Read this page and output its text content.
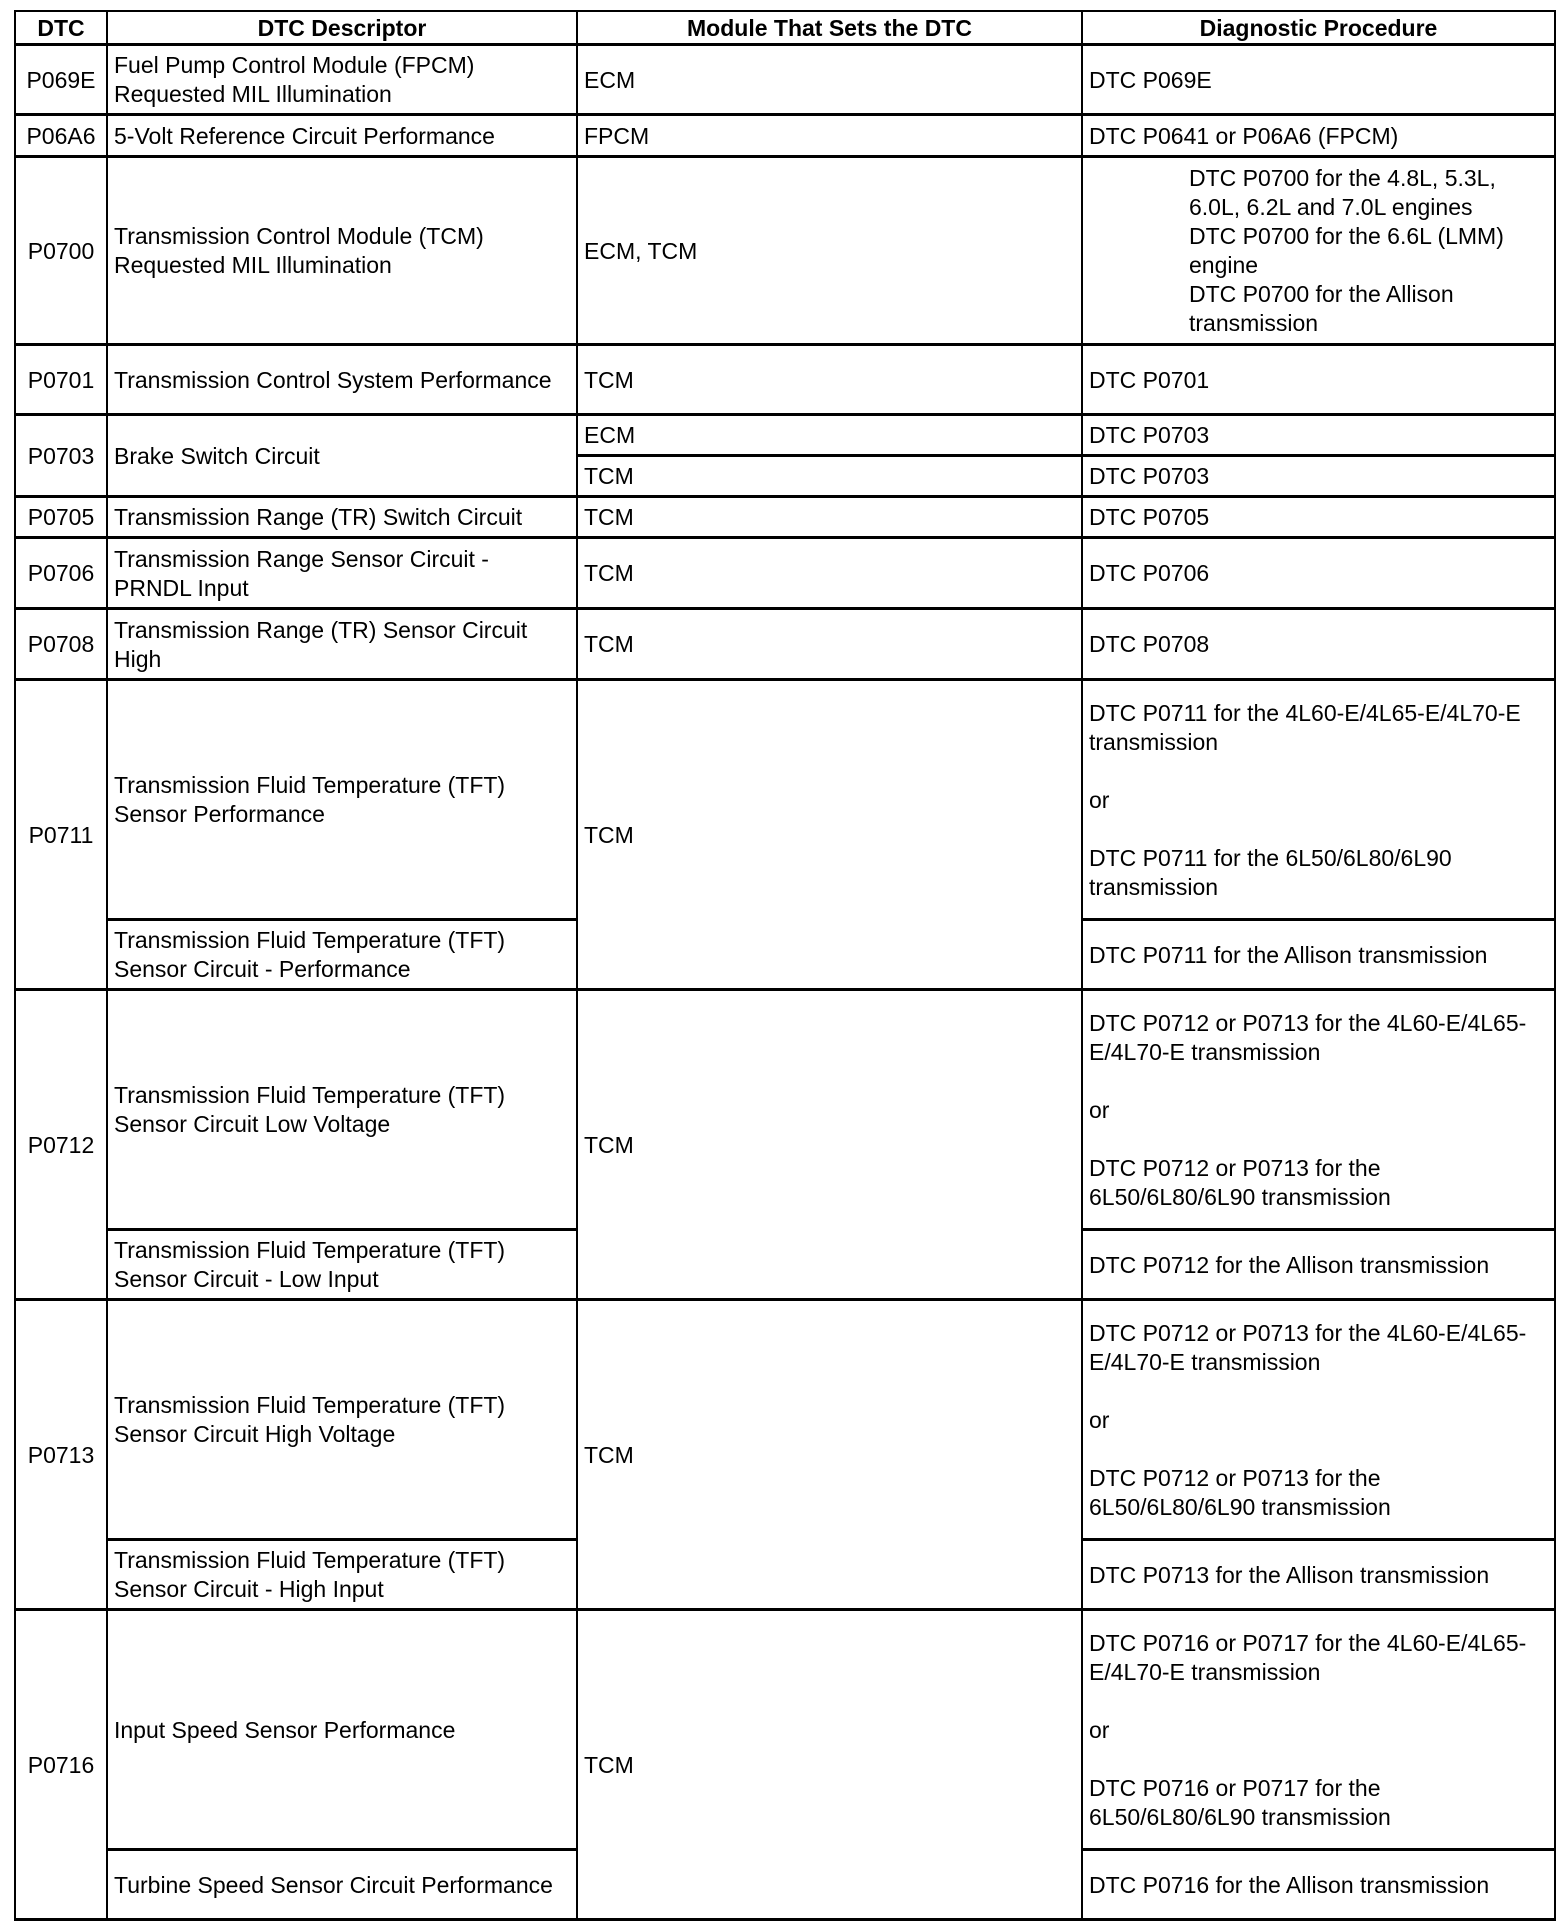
DTC	DTC Descriptor	Module That Sets the DTC	Diagnostic Procedure
P069E	Fuel Pump Control Module (FPCM) Requested MIL Illumination	ECM	DTC P069E
P06A6	5-Volt Reference Circuit Performance	FPCM	DTC P0641 or P06A6 (FPCM)
P0700	Transmission Control Module (TCM) Requested MIL Illumination	ECM, TCM	DTC P0700 for the 4.8L, 5.3L, 6.0L, 6.2L and 7.0L engines
DTC P0700 for the 6.6L (LMM) engine
DTC P0700 for the Allison transmission

P0701	Transmission Control System Performance	TCM	DTC P0701
P0703	Brake Switch Circuit	ECM	DTC P0703
		TCM	DTC P0703
P0705	Transmission Range (TR) Switch Circuit	TCM	DTC P0705
P0706	Transmission Range Sensor Circuit - PRNDL Input	TCM	DTC P0706
P0708	Transmission Range (TR) Sensor Circuit High	TCM	DTC P0708
P0711	Transmission Fluid Temperature (TFT) Sensor Performance	TCM	DTC P0711 for the 4L60-E/4L65-E/4L70-E transmission
or
DTC P0711 for the 6L50/6L80/6L90 transmission

	Transmission Fluid Temperature (TFT) Sensor Circuit - Performance		DTC P0711 for the Allison transmission
P0712	Transmission Fluid Temperature (TFT) Sensor Circuit Low Voltage	TCM	DTC P0712 or P0713 for the 4L60-E/4L65-E/4L70-E transmission
or
DTC P0712 or P0713 for the 6L50/6L80/6L90 transmission

	Transmission Fluid Temperature (TFT) Sensor Circuit - Low Input		DTC P0712 for the Allison transmission
P0713	Transmission Fluid Temperature (TFT) Sensor Circuit High Voltage	TCM	DTC P0712 or P0713 for the 4L60-E/4L65-E/4L70-E transmission
or
DTC P0712 or P0713 for the 6L50/6L80/6L90 transmission

	Transmission Fluid Temperature (TFT) Sensor Circuit - High Input		DTC P0713 for the Allison transmission
P0716	Input Speed Sensor Performance	TCM	DTC P0716 or P0717 for the 4L60-E/4L65-E/4L70-E transmission
or
DTC P0716 or P0717 for the 6L50/6L80/6L90 transmission

	Turbine Speed Sensor Circuit Performance		DTC P0716 for the Allison transmission
